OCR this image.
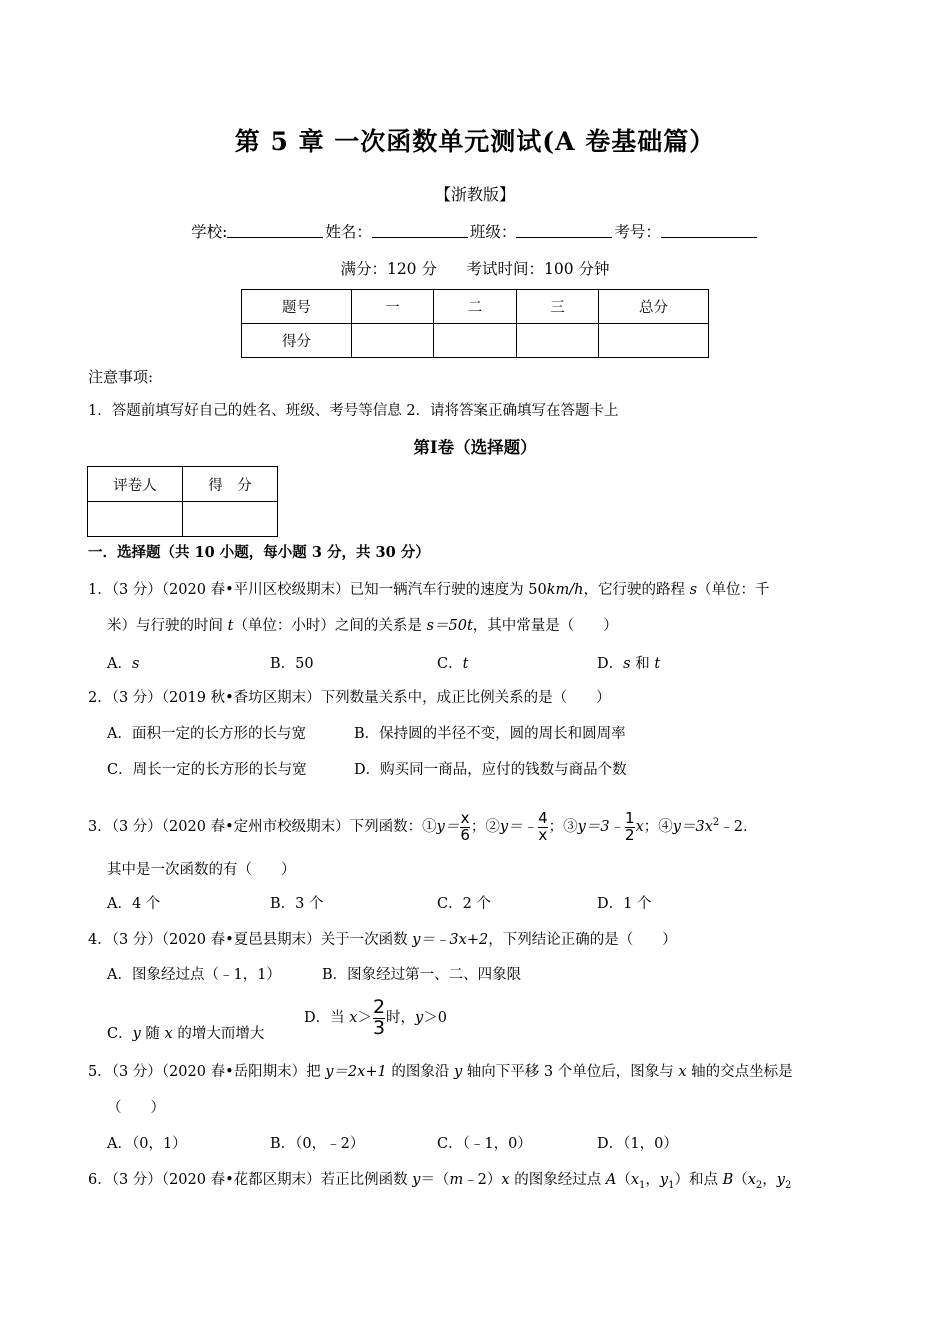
第 5 章 一次函数单元测试(A 卷基础篇）
【浙教版】
学校:	姓名：	班级：	考号：
满分：120 分      考试时间：100 分钟
题号	一	二	三	总分
得分				
注意事项:
1．答题前填写好自己的姓名、班级、考号等信息 2．请将答案正确填写在答题卡上
第Ⅰ卷（选择题）
评卷人	得　分

一．选择题（共 10 小题，每小题 3 分，共 30 分）
1．（3 分）（2020 春•平川区校级期末）已知一辆汽车行驶的速度为 50km/h，它行驶的路程 s（单位：千
米）与行驶的时间 t（单位：小时）之间的关系是 s＝50t，其中常量是（　　）
A．s	B．50	C．t	D．s 和 t
2．（3 分）（2019 秋•香坊区期末）下列数量关系中，成正比例关系的是（　　）
A．面积一定的长方形的长与宽	B．保持圆的半径不变，圆的周长和圆周率
C．周长一定的长方形的长与宽	D．购买同一商品，应付的钱数与商品个数
3．（3 分）（2020 春•定州市校级期末）下列函数：①y＝ $\frac{x}{6}$ ；②y＝﹣ $\frac{4}{x}$ ；③y＝3﹣ $\frac{1}{2}$ x；$④y=3x^2﹣2$．
其中是一次函数的有（　　）
A．4 个	B．3 个	C．2 个	D．1 个
4．（3 分）（2020 春•夏邑县期末）关于一次函数 y＝﹣3x+2，下列结论正确的是（　　）
A．图象经过点（﹣1，1）	B．图象经过第一、二、四象限
C．y 随 x 的增大而增大
D．当 $x> \frac{2}{3}$ 时，y＞0
5．（3 分）（2020 春•岳阳期末）把 y＝2x+1 的图象沿 y 轴向下平移 3 个单位后，图象与 x 轴的交点坐标是
（　　）
A．（0，1）	B．（0，﹣2）	C．（﹣1，0）	D．（1，0）
6．（3 分）（2020 春•花都区期末）若正比例函数 y＝（m﹣2）x 的图象经过点 $A(x_1$，$y_1$）和点 $B(x_2$，$y_2$
